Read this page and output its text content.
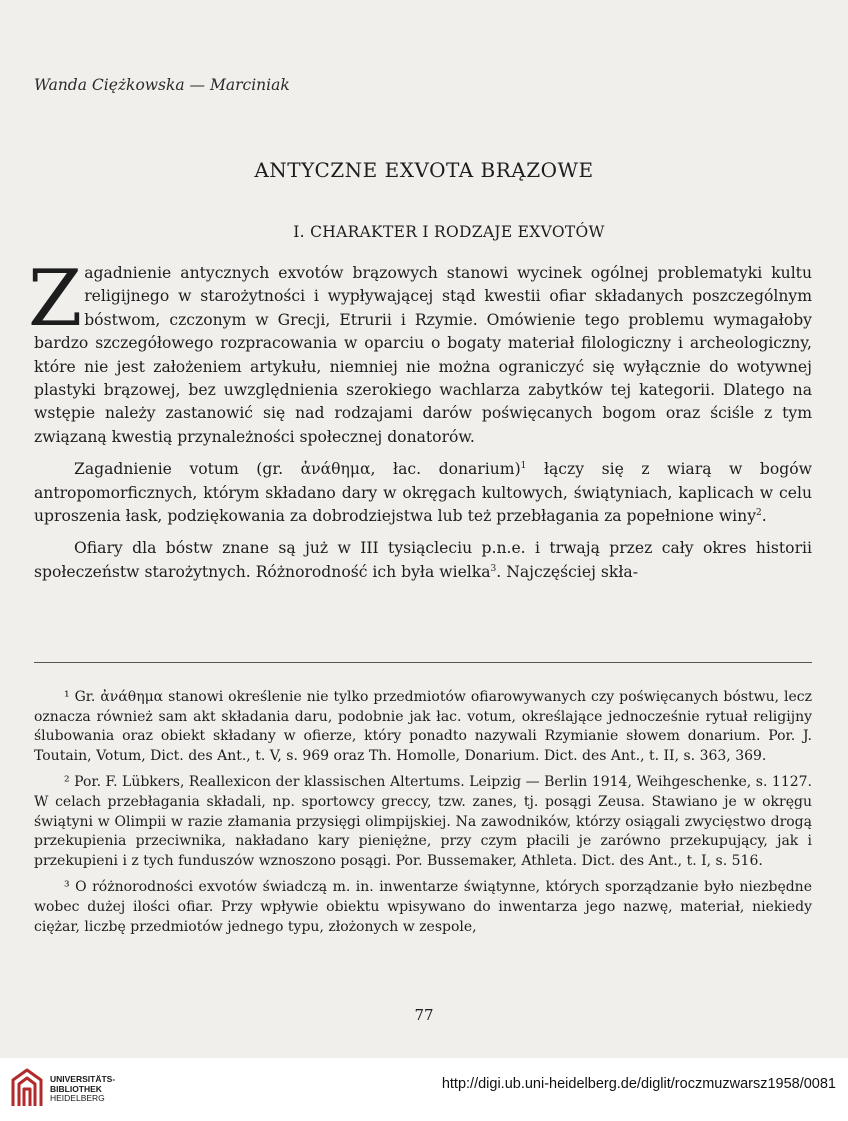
Wanda Ciężkowska — Marciniak
ANTYCZNE EXVOTA BRĄZOWE
I. CHARAKTER I RODZAJE EXVOTÓW

Zagadnienie antycznych exvotów brązowych stanowi wycinek ogólnej problematyki kultu religijnego w starożytności i wypływającej stąd kwestii ofiar składanych poszczególnym bóstwom, czczonym w Grecji, Etrurii i Rzymie. Omówienie tego problemu wymagałoby bardzo szczegółowego rozpracowania w oparciu o bogaty materiał filologiczny i archeologiczny, które nie jest założeniem artykułu, niemniej nie można ograniczyć się wyłącznie do wotywnej plastyki brązowej, bez uwzględnienia szerokiego wachlarza zabytków tej kategorii. Dlatego na wstępie należy zastanowić się nad rodzajami darów poświęcanych bogom oraz ściśle z tym związaną kwestią przynależności społecznej donatorów.

Zagadnienie votum (gr. ἀνάθημα, łac. donarium)$^1$ łączy się z wiarą w bogów antropomorficznych, którym składano dary w okręgach kultowych, świątyniach, kaplicach w celu uproszenia łask, podziękowania za dobrodziejstwa lub też przebłagania za popełnione winy$^2$.

Ofiary dla bóstw znane są już w III tysiącleciu p.n.e. i trwają przez cały okres historii społeczeństw starożytnych. Różnorodność ich była wielka$^3$. Najczęściej skła-

¹ Gr. ἀνάθημα stanowi określenie nie tylko przedmiotów ofiarowywanych czy poświęcanych bóstwu, lecz oznacza również sam akt składania daru, podobnie jak łac. votum, określające jednocześnie rytuał religijny ślubowania oraz obiekt składany w ofierze, który ponadto nazywali Rzymianie słowem donarium. Por. J. Toutain, Votum, Dict. des Ant., t. V, s. 969 oraz Th. Homolle, Donarium. Dict. des Ant., t. II, s. 363, 369.

² Por. F. Lübkers, Reallexicon der klassischen Altertums. Leipzig — Berlin 1914, Weihgeschenke, s. 1127. W celach przebłagania składali, np. sportowcy greccy, tzw. zanes, tj. posągi Zeusa. Stawiano je w okręgu świątyni w Olimpii w razie złamania przysięgi olimpijskiej. Na zawodników, którzy osiągali zwycięstwo drogą przekupienia przeciwnika, nakładano kary pieniężne, przy czym płacili je zarówno przekupujący, jak i przekupieni i z tych funduszów wznoszono posągi. Por. Bussemaker, Athleta. Dict. des Ant., t. I, s. 516.

³ O różnorodności exvotów świadczą m. in. inwentarze świątynne, których sporządzanie było niezbędne wobec dużej ilości ofiar. Przy wpływie obiektu wpisywano do inwentarza jego nazwę, materiał, niekiedy ciężar, liczbę przedmiotów jednego typu, złożonych w zespole,

77
UNIVERSITÄTS-
BIBLIOTHEK
HEIDELBERG
http://digi.ub.uni-heidelberg.de/diglit/roczmuzwarsz1958/0081
